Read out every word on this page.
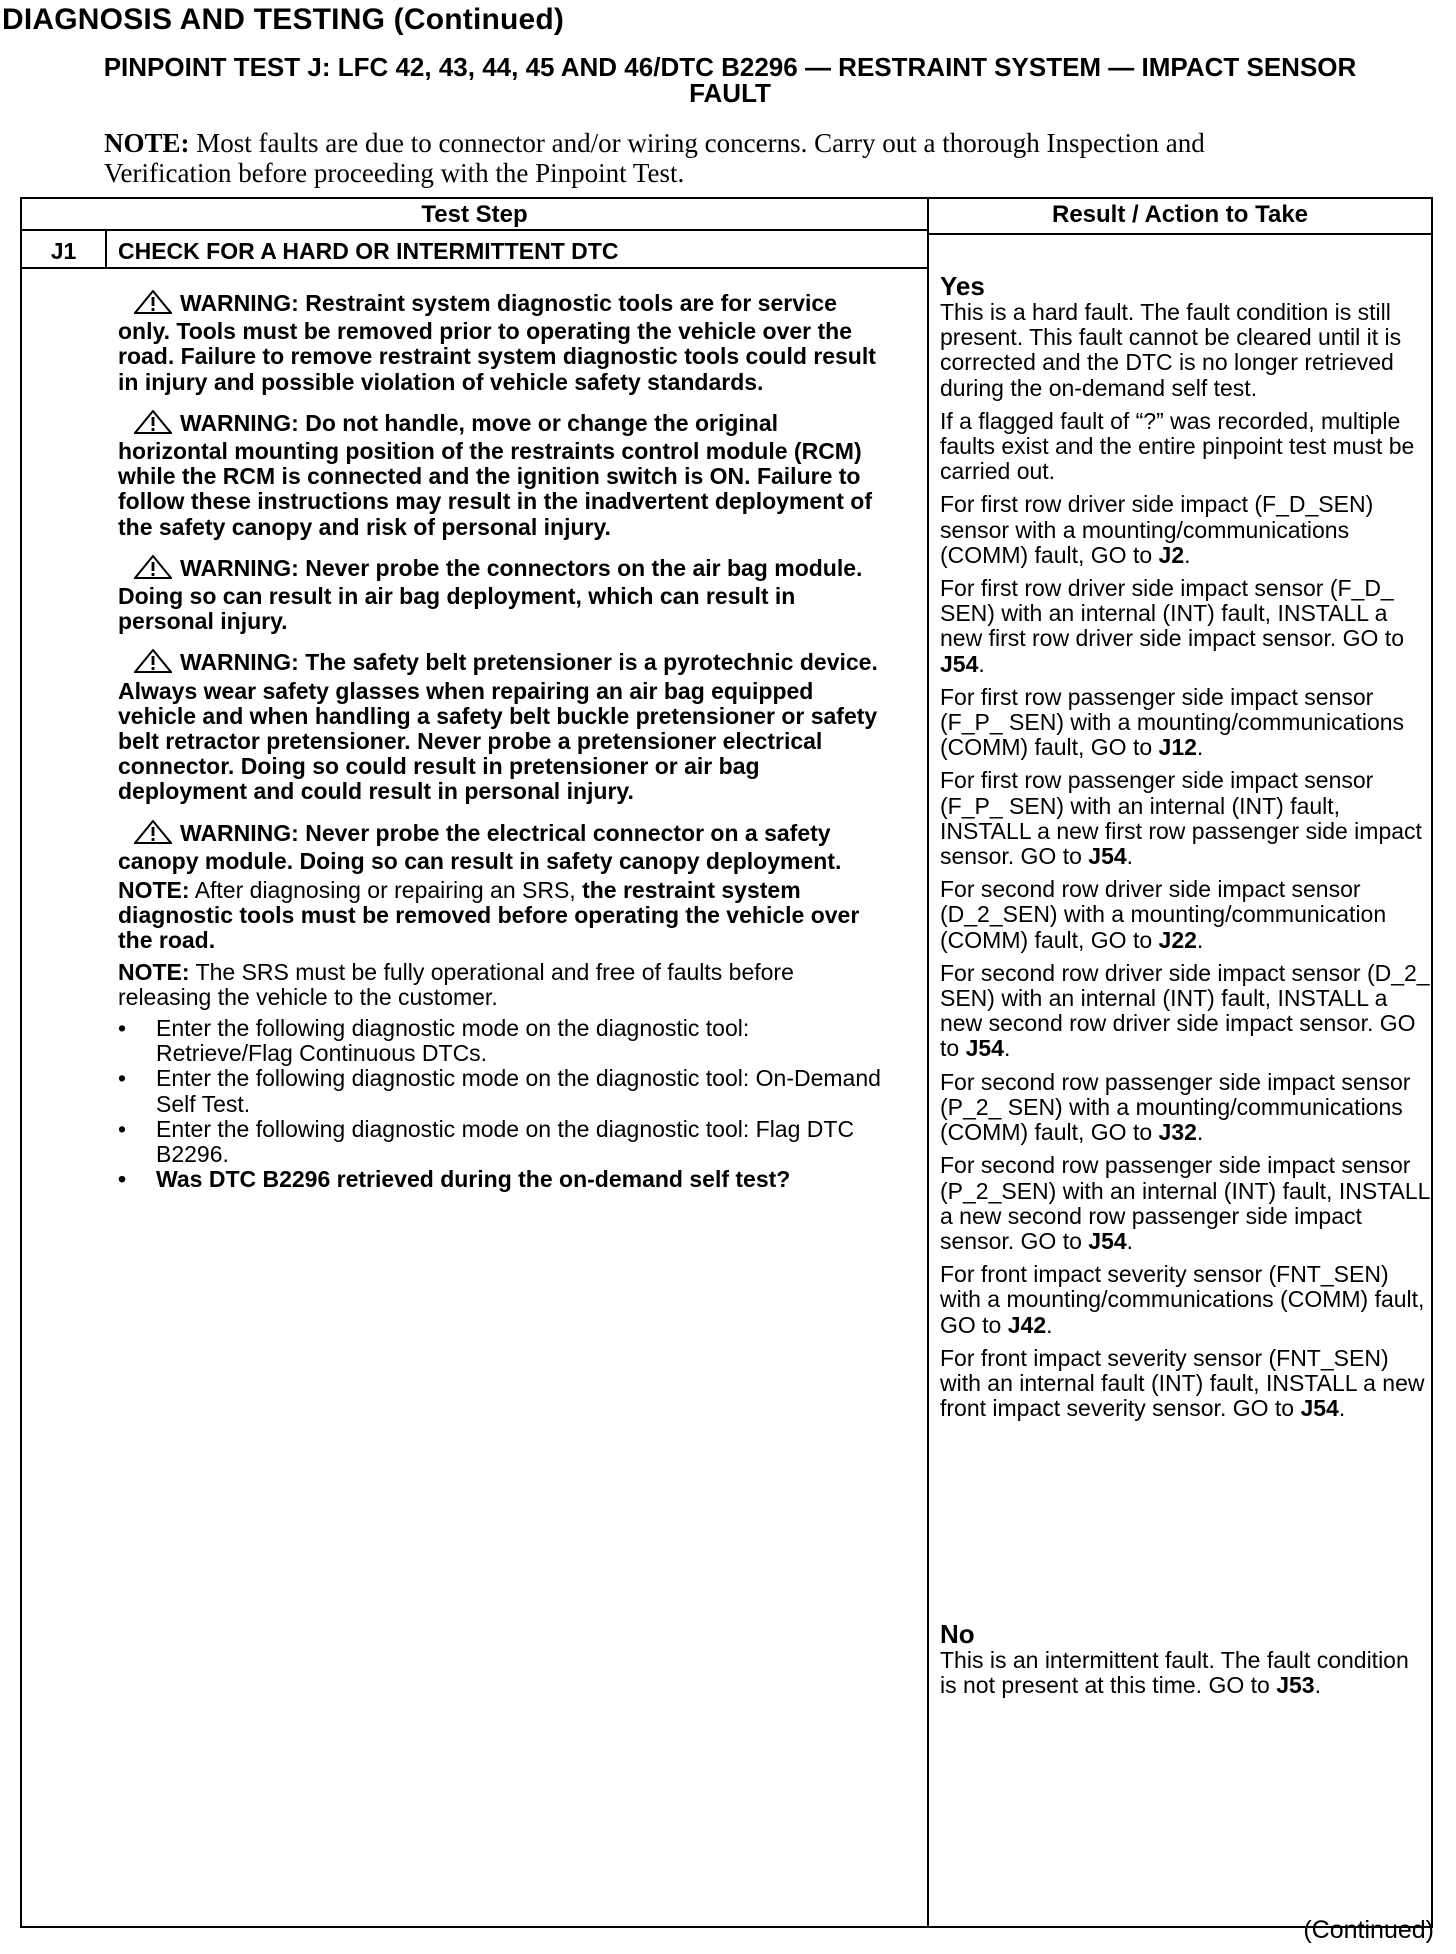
DIAGNOSIS AND TESTING (Continued)
PINPOINT TEST J: LFC 42, 43, 44, 45 AND 46/DTC B2296 — RESTRAINT SYSTEM — IMPACT SENSOR
FAULT
NOTE: Most faults are due to connector and/or wiring concerns. Carry out a thorough Inspection and Verification before proceeding with the Pinpoint Test.
Test Step	Result / Action to Take
J1	CHECK FOR A HARD OR INTERMITTENT DTC
WARNING: Restraint system diagnostic tools are for service only. Tools must be removed prior to operating the vehicle over the road. Failure to remove restraint system diagnostic tools could result in injury and possible violation of vehicle safety standards.
WARNING: Do not handle, move or change the original horizontal mounting position of the restraints control module (RCM) while the RCM is connected and the ignition switch is ON. Failure to follow these instructions may result in the inadvertent deployment of the safety canopy and risk of personal injury.
WARNING: Never probe the connectors on the air bag module. Doing so can result in air bag deployment, which can result in personal injury.
WARNING: The safety belt pretensioner is a pyrotechnic device. Always wear safety glasses when repairing an air bag equipped vehicle and when handling a safety belt buckle pretensioner or safety belt retractor pretensioner. Never probe a pretensioner electrical connector. Doing so could result in pretensioner or air bag deployment and could result in personal injury.
WARNING: Never probe the electrical connector on a safety canopy module. Doing so can result in safety canopy deployment.
NOTE: After diagnosing or repairing an SRS, the restraint system diagnostic tools must be removed before operating the vehicle over the road.
NOTE: The SRS must be fully operational and free of faults before releasing the vehicle to the customer.
• Enter the following diagnostic mode on the diagnostic tool: Retrieve/Flag Continuous DTCs.
• Enter the following diagnostic mode on the diagnostic tool: On-Demand Self Test.
• Enter the following diagnostic mode on the diagnostic tool: Flag DTC B2296.
• Was DTC B2296 retrieved during the on-demand self test?
Yes
This is a hard fault. The fault condition is still present. This fault cannot be cleared until it is corrected and the DTC is no longer retrieved during the on-demand self test.
If a flagged fault of “?” was recorded, multiple faults exist and the entire pinpoint test must be carried out.
For first row driver side impact (F_D_SEN) sensor with a mounting/communications (COMM) fault, GO to J2.
For first row driver side impact sensor (F_D_ SEN) with an internal (INT) fault, INSTALL a new first row driver side impact sensor. GO to J54.
For first row passenger side impact sensor (F_P_ SEN) with a mounting/communications (COMM) fault, GO to J12.
For first row passenger side impact sensor (F_P_ SEN) with an internal (INT) fault, INSTALL a new first row passenger side impact sensor. GO to J54.
For second row driver side impact sensor (D_2_SEN) with a mounting/communication (COMM) fault, GO to J22.
For second row driver side impact sensor (D_2_ SEN) with an internal (INT) fault, INSTALL a new second row driver side impact sensor. GO to J54.
For second row passenger side impact sensor (P_2_ SEN) with a mounting/communications (COMM) fault, GO to J32.
For second row passenger side impact sensor (P_2_SEN) with an internal (INT) fault, INSTALL a new second row passenger side impact sensor. GO to J54.
For front impact severity sensor (FNT_SEN) with a mounting/communications (COMM) fault, GO to J42.
For front impact severity sensor (FNT_SEN) with an internal fault (INT) fault, INSTALL a new front impact severity sensor. GO to J54.
No
This is an intermittent fault. The fault condition is not present at this time. GO to J53.
(Continued)
